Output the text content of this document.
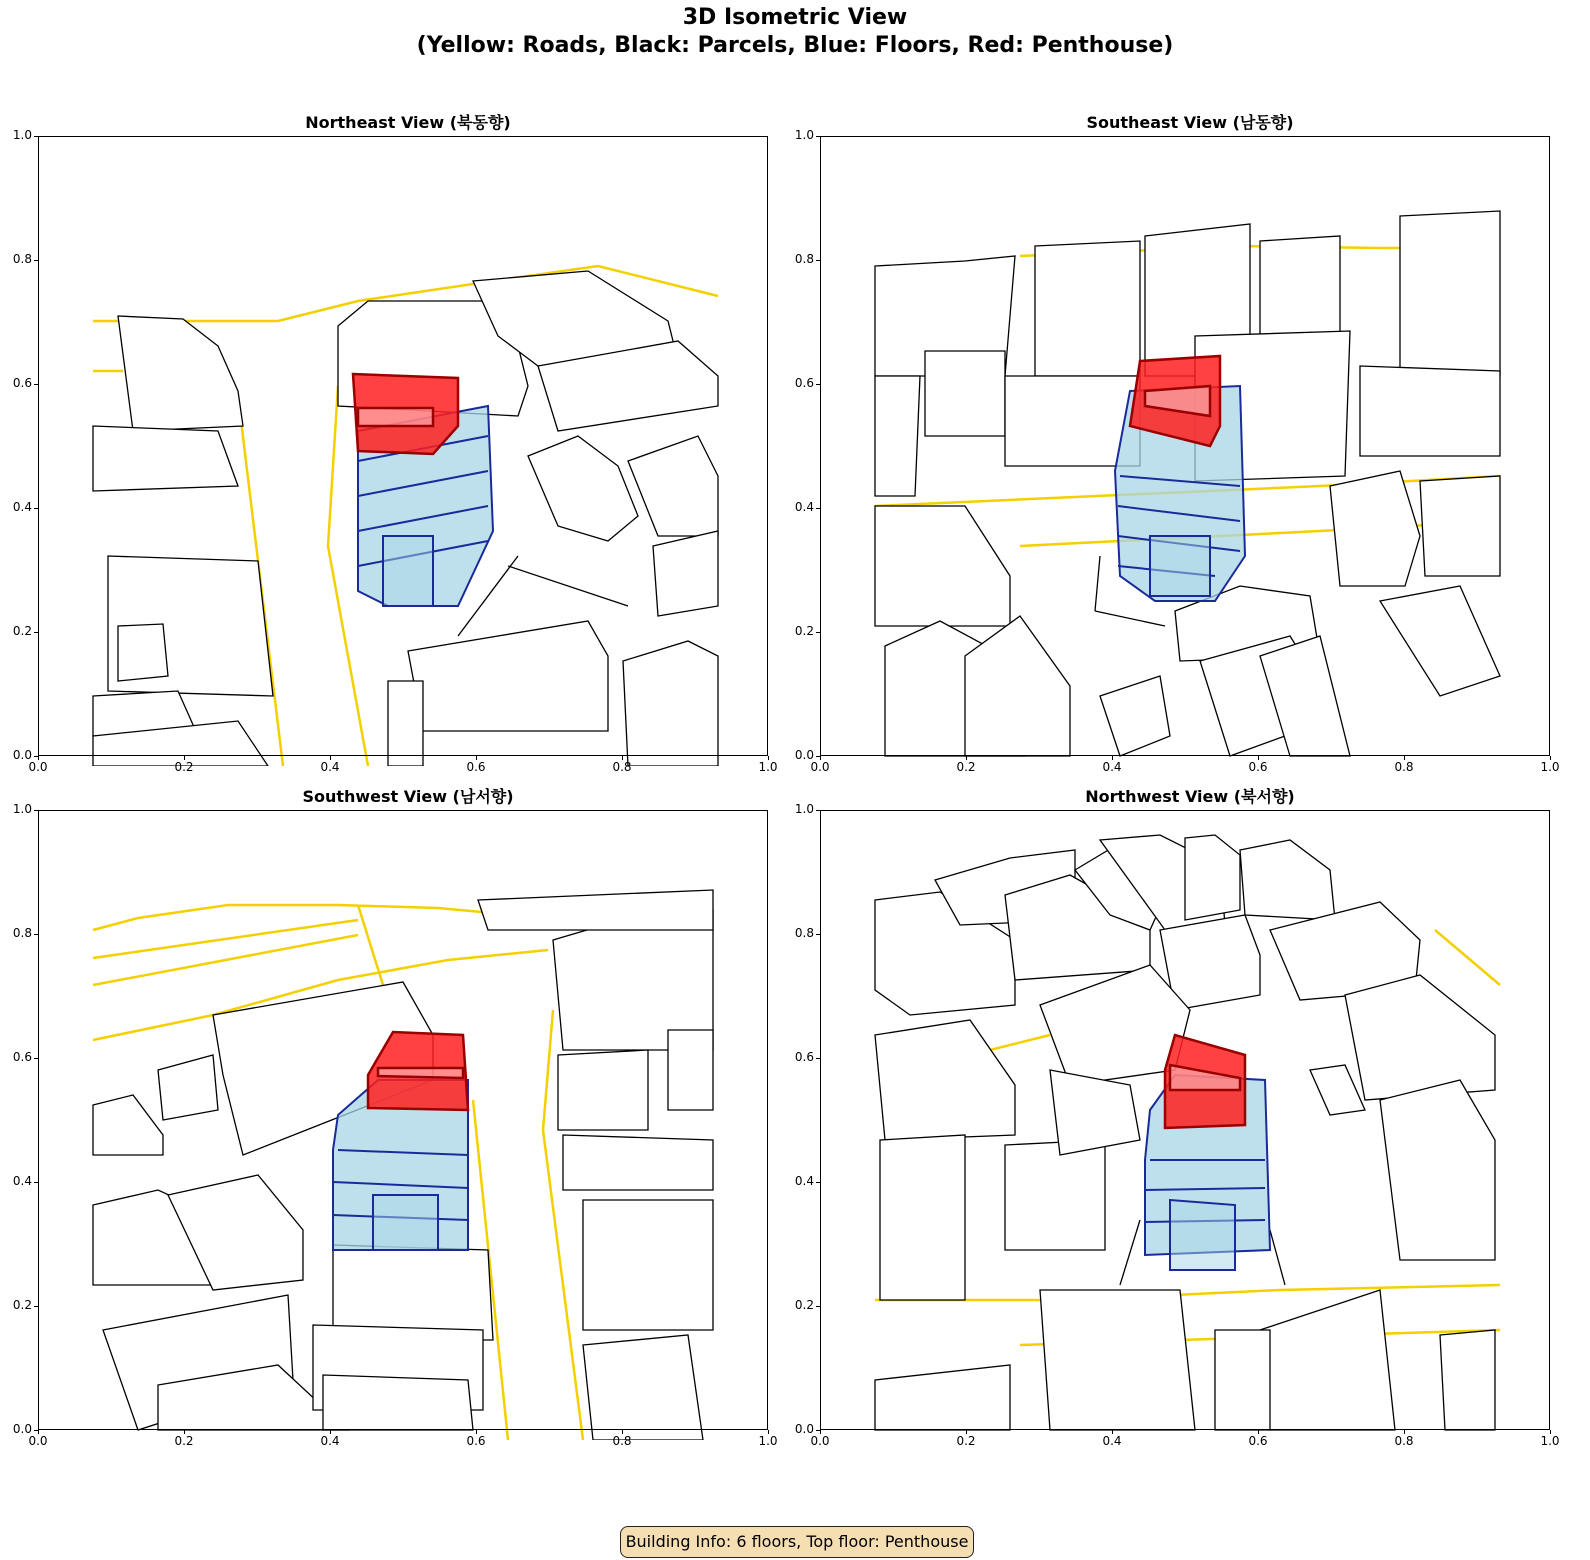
3D Isometric View
(Yellow: Roads, Black: Parcels, Blue: Floors, Red: Penthouse)
Northeast View (북동향)	Southeast View (남동향)
Southwest View (남서향)	Northwest View (북서향)
0.0	0.2	0.4	0.6	0.8	1.0
0.0
0.2
0.4
0.6
0.8
1.0
0.0	0.2	0.4	0.6	0.8	1.0
0.0
0.2
0.4
0.6
0.8
1.0
0.0	0.2	0.4	0.6	0.8	1.0
0.0
0.2
0.4
0.6
0.8
1.0
0.0	0.2	0.4	0.6	0.8	1.0
0.0
0.2
0.4
0.6
0.8
1.0
Building Info: 6 floors, Top floor: Penthouse
